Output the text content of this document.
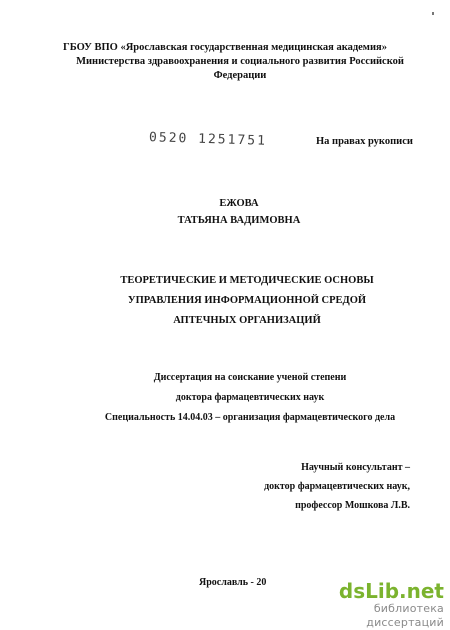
ГБОУ ВПО «Ярославская государственная медицинская академия»
Министерства здравоохранения и социального развития Российской
Федерации
0520 1251751	На правах рукописи
ЕЖОВА
ТАТЬЯНА ВАДИМОВНА
ТЕОРЕТИЧЕСКИЕ И МЕТОДИЧЕСКИЕ ОСНОВЫ
УПРАВЛЕНИЯ ИНФОРМАЦИОННОЙ СРЕДОЙ
АПТЕЧНЫХ ОРГАНИЗАЦИЙ
Диссертация на соискание ученой степени
доктора фармацевтических наук
Специальность 14.04.03 – организация фармацевтического дела
Научный консультант –
доктор фармацевтических наук,
профессор Мошкова Л.В.
Ярославль - 20	dsLib.net
библиотека диссертаций
